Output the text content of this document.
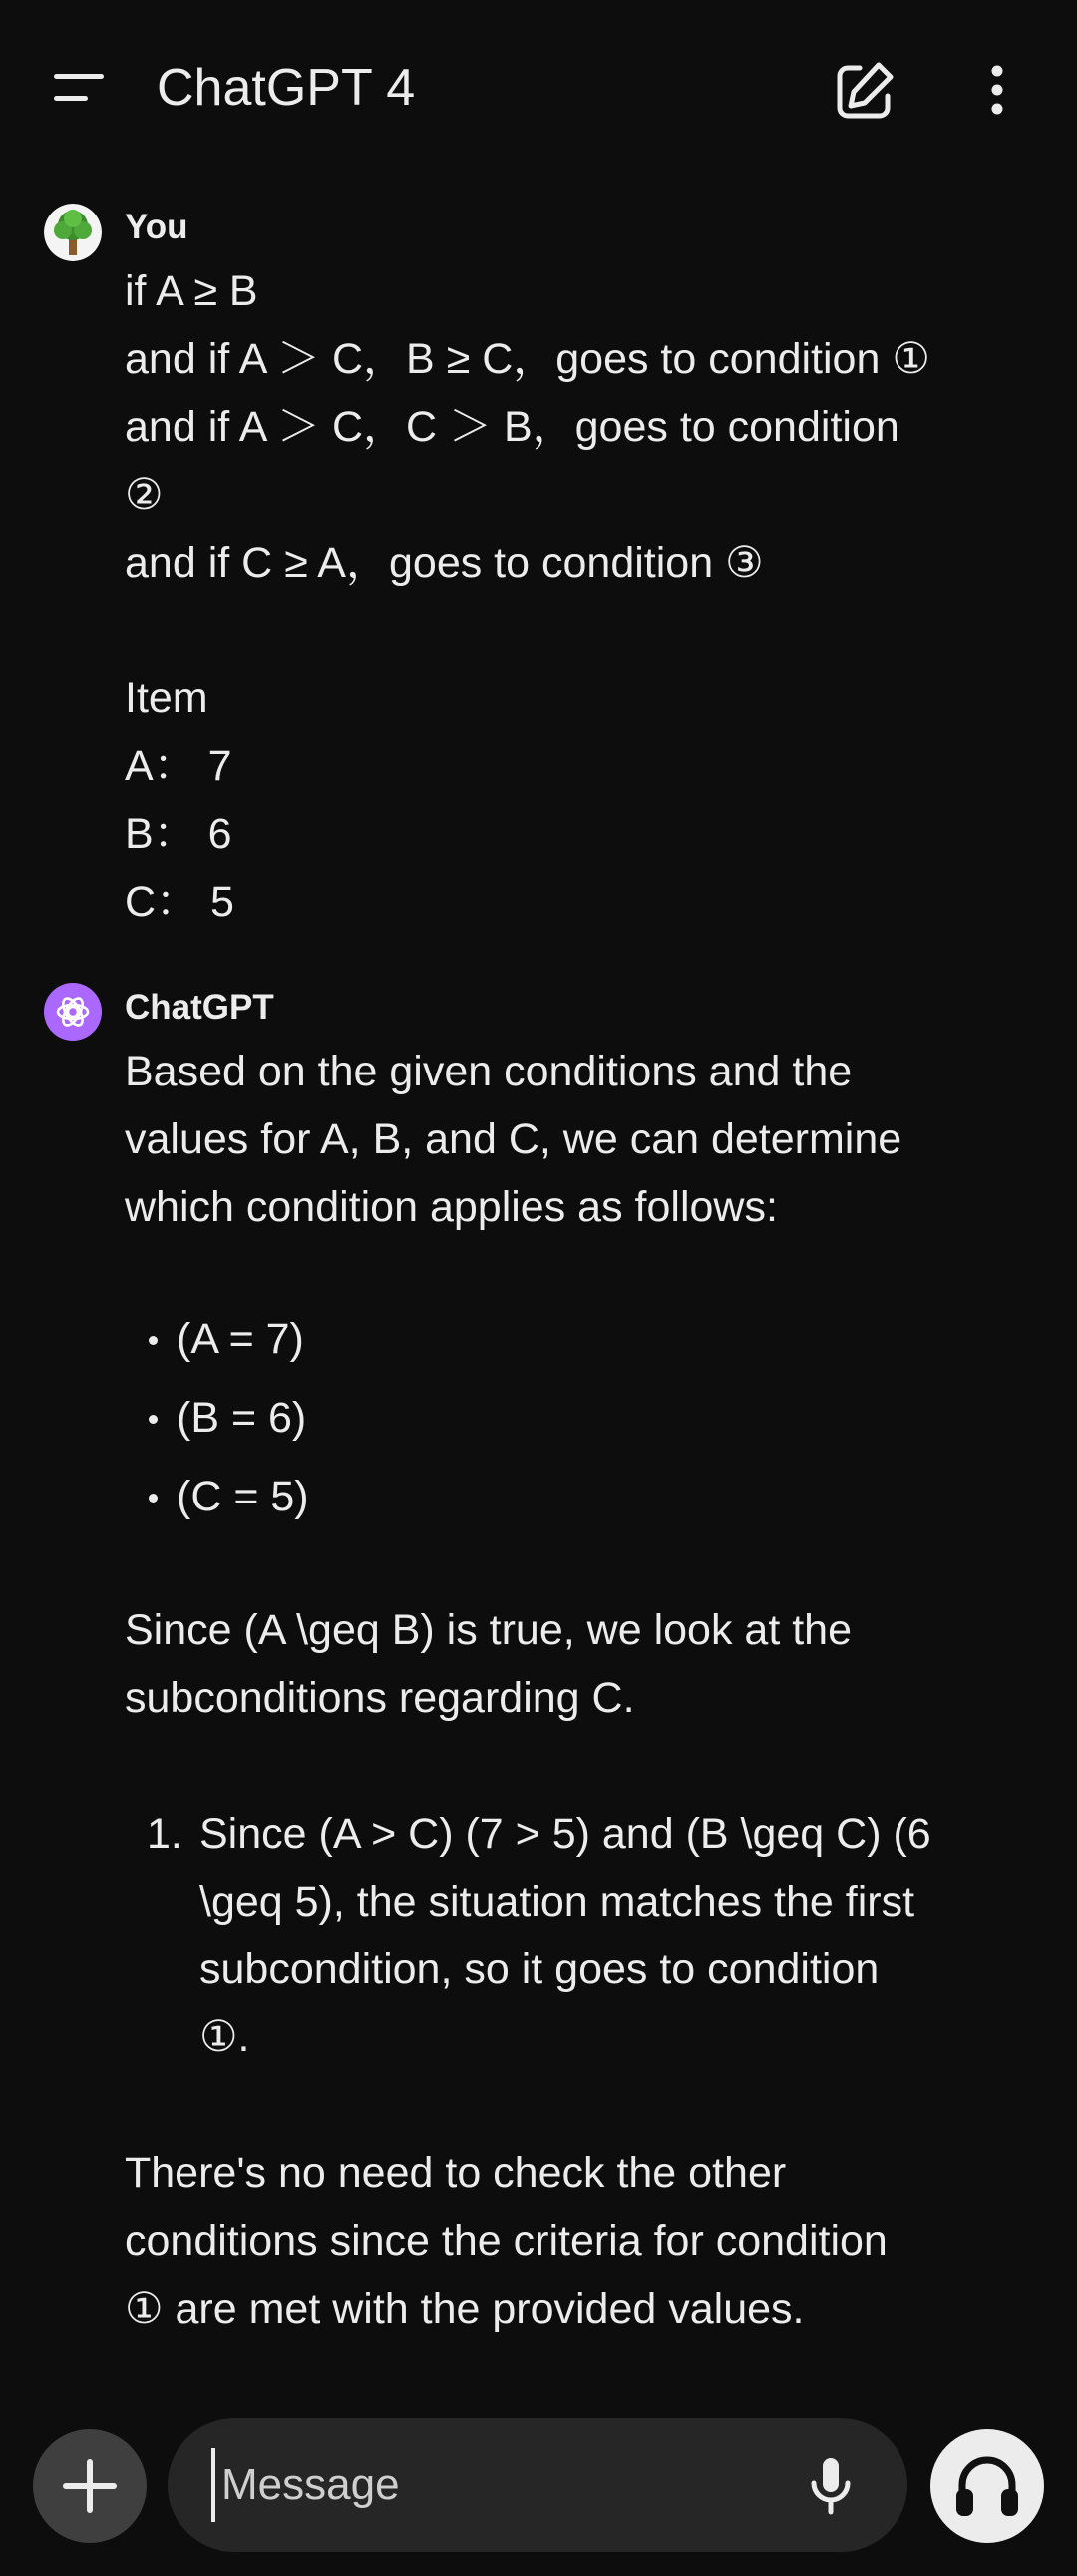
ChatGPT 4
You
if A ≥ B
and if A ＞ C，B ≥ C，goes to condition ①
and if A ＞ C，C ＞ B，goes to condition
②
and if C ≥ A，goes to condition ③
Item
A： 7
B： 6
C： 5
ChatGPT
Based on the given conditions and the
values for A, B, and C, we can determine
which condition applies as follows:
(A = 7)
(B = 6)
(C = 5)
Since (A \geq B) is true, we look at the
subconditions regarding C.
1. Since (A > C) (7 > 5) and (B \geq C) (6
\geq 5), the situation matches the first
subcondition, so it goes to condition
①.
There's no need to check the other
conditions since the criteria for condition
① are met with the provided values.
Message
